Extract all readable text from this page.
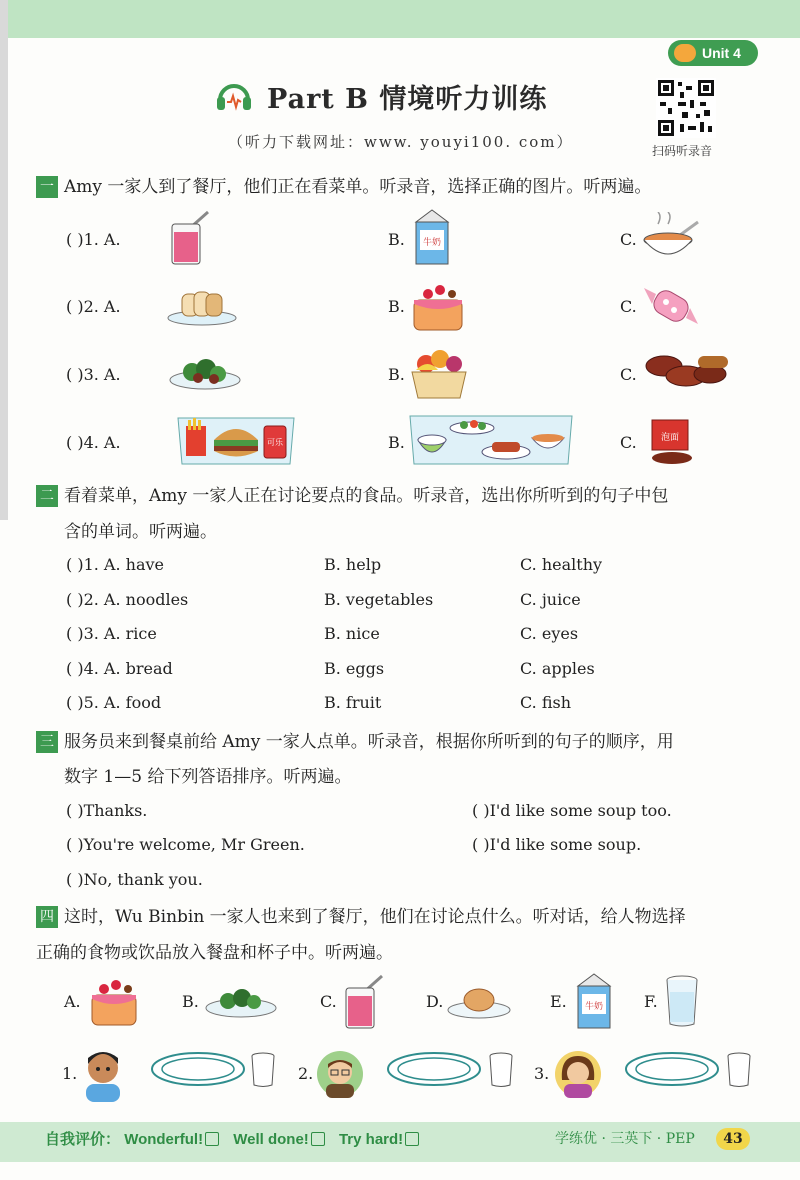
Unit 4
Part B 情境听力训练
（听力下载网址：www. youyi100. com）	扫码听录音
一 Amy 一家人到了餐厅，他们正在看菜单。听录音，选择正确的图片。听两遍。
( )1. A.	B. 牛奶	C.
( )2. A.	B.	C.
( )3. A.	B.	C.
( )4. A.	可乐	B.	C.	泡面
二 看着菜单，Amy 一家人正在讨论要点的食品。听录音，选出你所听到的句子中包
含的单词。听两遍。
( )1. A. have	B. help	C. healthy
( )2. A. noodles	B. vegetables	C. juice
( )3. A. rice	B. nice	C. eyes
( )4. A. bread	B. eggs	C. apples
( )5. A. food	B. fruit	C. fish
三 服务员来到餐桌前给 Amy 一家人点单。听录音，根据你所听到的句子的顺序，用
数字 1—5 给下列答语排序。听两遍。
( )Thanks.	( )I'd like some soup too.
( )You're welcome, Mr Green.	( )I'd like some soup.
( )No, thank you.
四 这时，Wu Binbin 一家人也来到了餐厅，他们在讨论点什么。听对话，给人物选择
正确的食物或饮品放入餐盘和杯子中。听两遍。
A.	B.	C.	D.	E. 牛奶	F.
1.	2.	3.
自我评价： Wonderful! Well done! Try hard!	学练优 · 三英下 · PEP	43
